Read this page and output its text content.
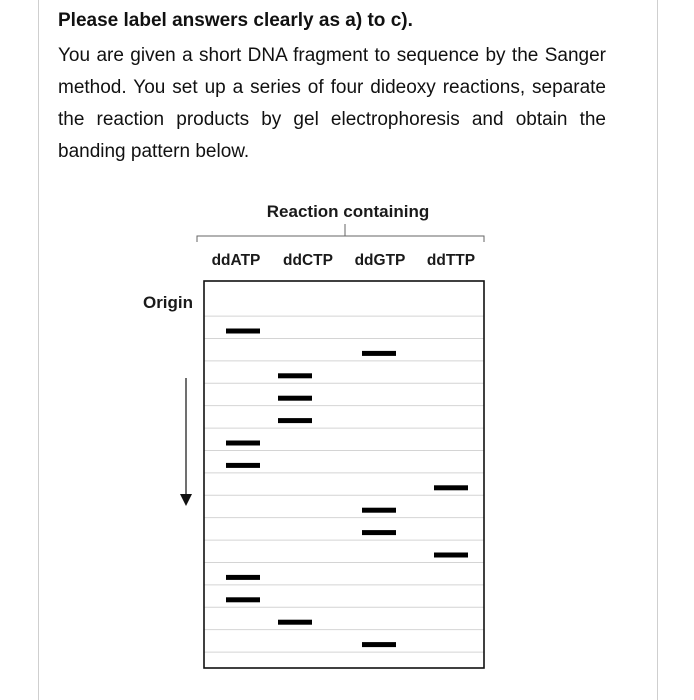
Please label answers clearly as a) to c).
You are given a short DNA fragment to sequence by the Sanger method. You set up a series of four dideoxy reactions, separate the reaction products by gel electrophoresis and obtain the banding pattern below.
Reaction containing
ddATP ddCTP ddGTP ddTTP
Origin
